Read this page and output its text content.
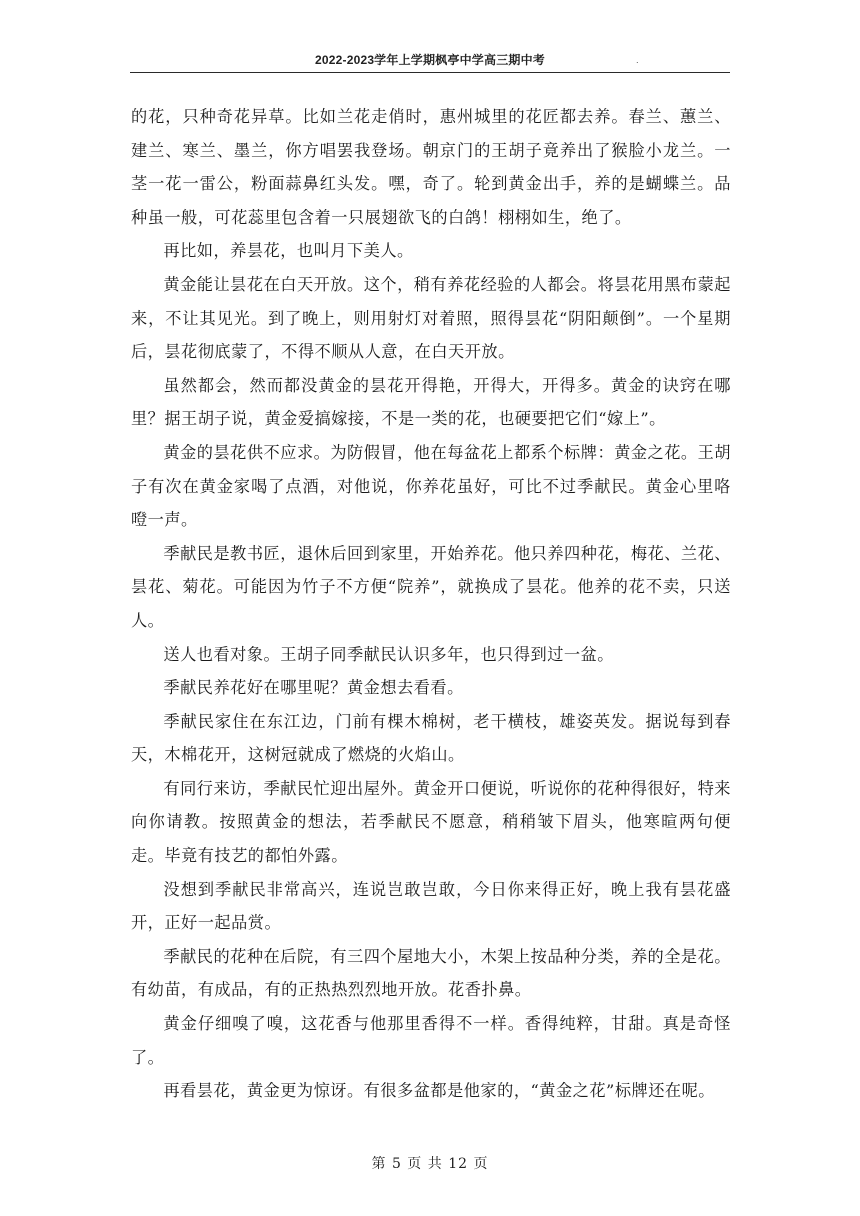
2022-2023学年上学期枫亭中学高三期中考	.

的花，只种奇花异草。比如兰花走俏时，惠州城里的花匠都去养。春兰、蕙兰、建兰、寒兰、墨兰，你方唱罢我登场。朝京门的王胡子竟养出了猴脸小龙兰。一茎一花一雷公，粉面蒜鼻红头发。嘿，奇了。轮到黄金出手，养的是蝴蝶兰。品种虽一般，可花蕊里包含着一只展翅欲飞的白鸽！栩栩如生，绝了。

再比如，养昙花，也叫月下美人。

黄金能让昙花在白天开放。这个，稍有养花经验的人都会。将昙花用黑布蒙起来，不让其见光。到了晚上，则用射灯对着照，照得昙花“阴阳颠倒”。一个星期后，昙花彻底蒙了，不得不顺从人意，在白天开放。

虽然都会，然而都没黄金的昙花开得艳，开得大，开得多。黄金的诀窍在哪里？据王胡子说，黄金爱搞嫁接，不是一类的花，也硬要把它们“嫁上”。

黄金的昙花供不应求。为防假冒，他在每盆花上都系个标牌：黄金之花。王胡子有次在黄金家喝了点酒，对他说，你养花虽好，可比不过季献民。黄金心里咯噔一声。

季献民是教书匠，退休后回到家里，开始养花。他只养四种花，梅花、兰花、昙花、菊花。可能因为竹子不方便“院养”，就换成了昙花。他养的花不卖，只送人。

送人也看对象。王胡子同季献民认识多年，也只得到过一盆。

季献民养花好在哪里呢？黄金想去看看。

季献民家住在东江边，门前有棵木棉树，老干横枝，雄姿英发。据说每到春天，木棉花开，这树冠就成了燃烧的火焰山。

有同行来访，季献民忙迎出屋外。黄金开口便说，听说你的花种得很好，特来向你请教。按照黄金的想法，若季献民不愿意，稍稍皱下眉头，他寒暄两句便走。毕竟有技艺的都怕外露。

没想到季献民非常高兴，连说岂敢岂敢，今日你来得正好，晚上我有昙花盛开，正好一起品赏。

季献民的花种在后院，有三四个屋地大小，木架上按品种分类，养的全是花。有幼苗，有成品，有的正热热烈烈地开放。花香扑鼻。

黄金仔细嗅了嗅，这花香与他那里香得不一样。香得纯粹，甘甜。真是奇怪了。

再看昙花，黄金更为惊讶。有很多盆都是他家的，“黄金之花”标牌还在呢。

第 5 页 共 12 页
